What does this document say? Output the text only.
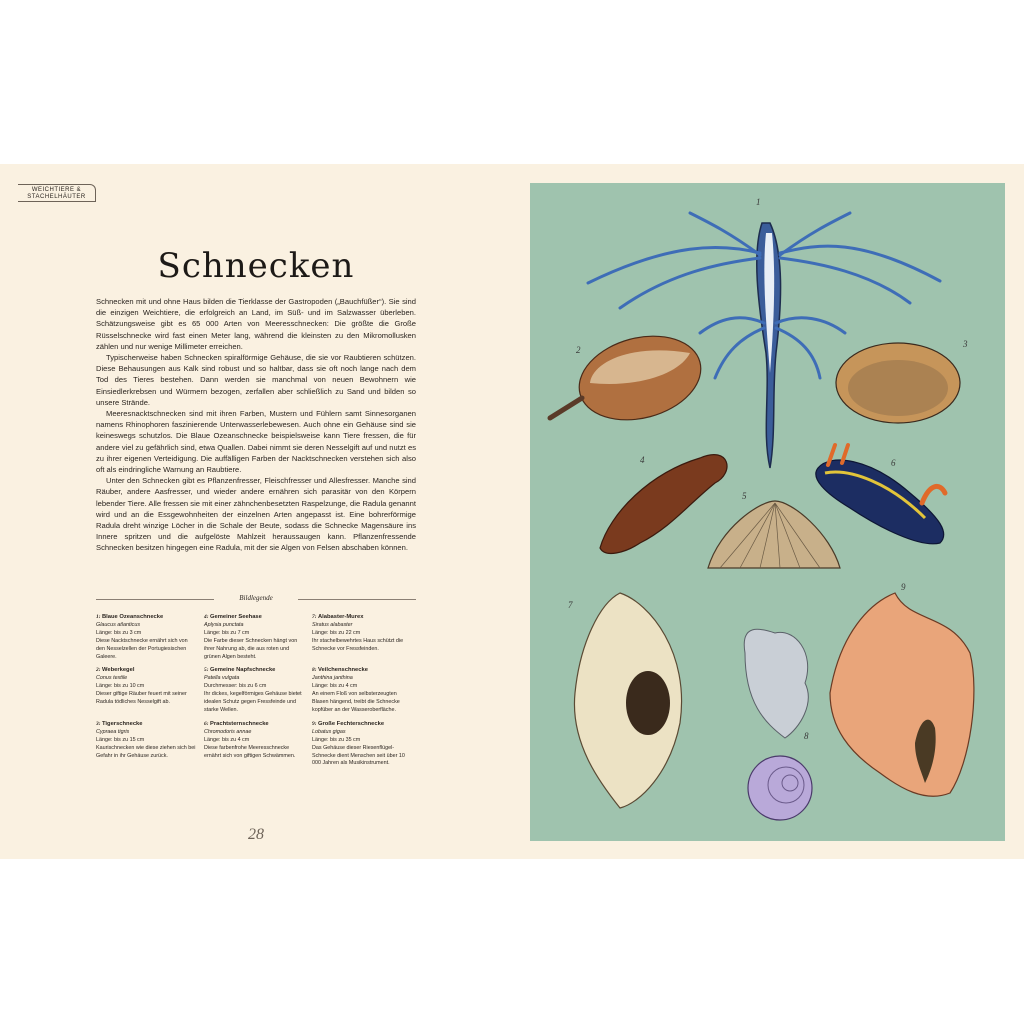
WEICHTIERE &
STACHELHÄUTER
Schnecken

Schnecken mit und ohne Haus bilden die Tierklasse der Gastropoden („Bauchfüßer“). Sie sind die einzigen Weichtiere, die erfolgreich an Land, im Süß- und im Salzwasser überleben. Schätzungsweise gibt es 65 000 Arten von Meeresschnecken: Die größte die Große Rüsselschnecke wird fast einen Meter lang, während die kleinsten zu den Mikromollusken zählen und nur wenige Millimeter erreichen.

Typischerweise haben Schnecken spiralförmige Gehäuse, die sie vor Raubtieren schützen. Diese Behausungen aus Kalk sind robust und so haltbar, dass sie oft noch lange nach dem Tod des Tieres bestehen. Dann werden sie manchmal von neuen Bewohnern wie Einsiedlerkrebsen und Würmern bezogen, zerfallen aber schließlich zu Sand und bilden so unsere Strände.

Meeresnacktschnecken sind mit ihren Farben, Mustern und Fühlern samt Sinnesorganen namens Rhinophoren faszinierende Unterwasserlebewesen. Auch ohne ein Gehäuse sind sie keineswegs schutzlos. Die Blaue Ozeanschnecke beispielsweise kann Tiere fressen, die für andere viel zu gefährlich sind, etwa Quallen. Dabei nimmt sie deren Nesselgift auf und nutzt es zu ihrer eigenen Verteidigung. Die auffälligen Farben der Nacktschnecken verstehen sich also oft als eindringliche Warnung an Raubtiere.

Unter den Schnecken gibt es Pflanzenfresser, Fleischfresser und Allesfresser. Manche sind Räuber, andere Aasfresser, und wieder andere ernähren sich parasitär von den Körpern lebender Tiere. Alle fressen sie mit einer zähnchenbesetzten Raspelzunge, die Radula genannt wird und an die Essgewohnheiten der einzelnen Arten angepasst ist. Eine bohrerförmige Radula dreht winzige Löcher in die Schale der Beute, sodass die Schnecke Magensäure ins Innere spritzen und die aufgelöste Mahlzeit heraussaugen kann. Pflanzenfressende Schnecken besitzen hingegen eine Radula, mit der sie Algen von Felsen abschaben können.

Bildlegende
1: Blaue Ozeanschnecke
Glaucus atlanticus
Länge: bis zu 3 cm
Diese Nacktschnecke ernährt sich von den Nesselzellen der Portugiesischen Galeere.
4: Gemeiner Seehase
Aplysia punctata
Länge: bis zu 7 cm
Die Farbe dieser Schnecken hängt von ihrer Nahrung ab, die aus roten und grünen Algen besteht.
7: Alabaster-Murex
Siratus alabaster
Länge: bis zu 22 cm
Ihr stachelbewehrtes Haus schützt die Schnecke vor Fressfeinden.
2: Weberkegel
Conus textile
Länge: bis zu 10 cm
Dieser giftige Räuber feuert mit seiner Radula tödliches Nesselgift ab.
5: Gemeine Napfschnecke
Patella vulgata
Durchmesser: bis zu 6 cm
Ihr dickes, kegelförmiges Gehäuse bietet idealen Schutz gegen Fressfeinde und starke Wellen.
8: Veilchenschnecke
Janthina janthina
Länge: bis zu 4 cm
An einem Floß von selbsterzeugten Blasen hängend, treibt die Schnecke kopfüber an der Wasseroberfläche.
3: Tigerschnecke
Cypraea tigris
Länge: bis zu 15 cm
Kaurischnecken wie diese ziehen sich bei Gefahr in ihr Gehäuse zurück.
6: Prachtsternschnecke
Chromodoris annae
Länge: bis zu 4 cm
Diese farbenfrohe Meeresschnecke ernährt sich von giftigen Schwämmen.
9: Große Fechterschnecke
Lobatus gigas
Länge: bis zu 35 cm
Das Gehäuse dieser Riesenflügel-Schnecke dient Menschen seit über 10 000 Jahren als Musikinstrument.
28
1
2
3
4
5
6
7
8
9
